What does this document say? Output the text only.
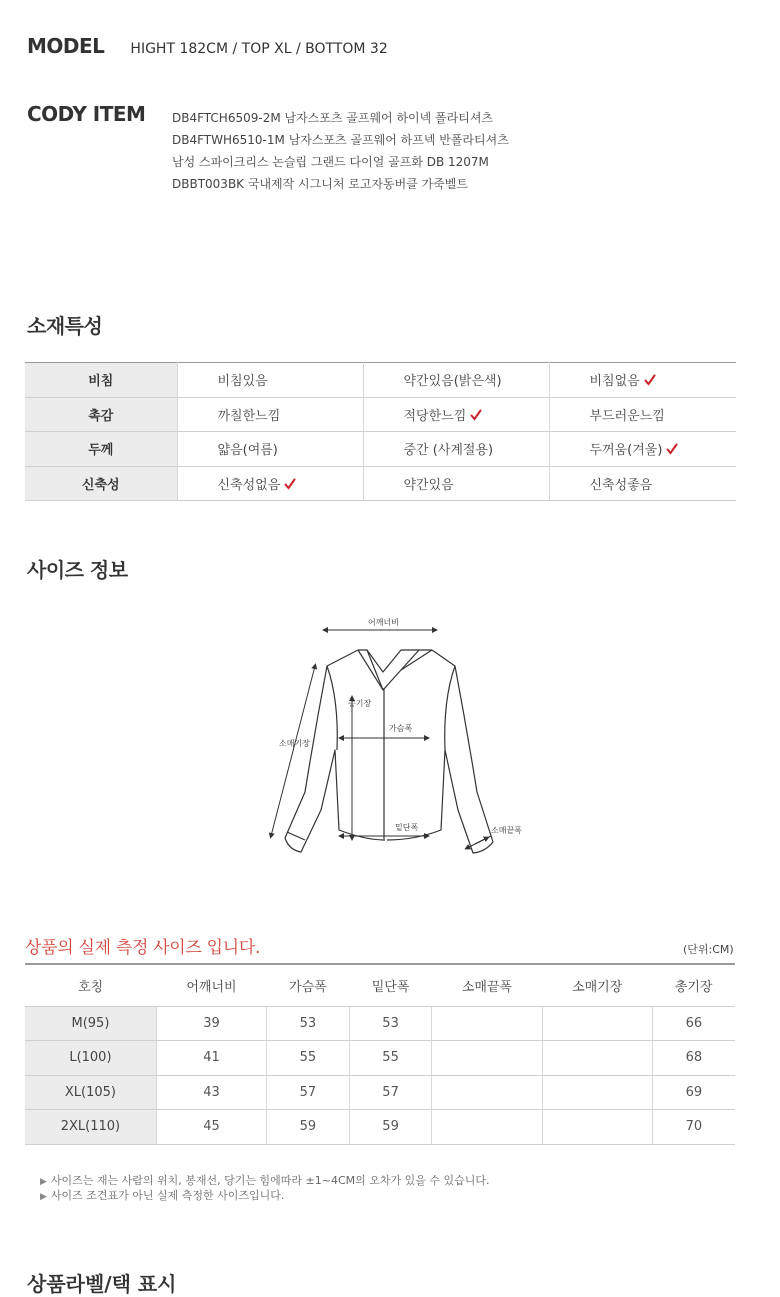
MODEL HIGHT 182CM / TOP XL / BOTTOM 32
CODY ITEM DB4FTCH6509-2M 남자스포츠 골프웨어 하이넥 폴라티셔츠
DB4FTWH6510-1M 남자스포츠 골프웨어 하프넥 반폴라티셔츠
남성 스파이크리스 논슬립 그랜드 다이얼 골프화 DB 1207M
DBBT003BK 국내제작 시그니처 로고자동버클 가죽벨트
소재특성
비침	비침있음	약간있음(밝은색)	비침없음
촉감	까칠한느낌	적당한느낌	부드러운느낌
두께	얇음(여름)	중간 (사계절용)	두꺼움(겨울)
신축성	신축성없음	약간있음	신축성좋음
사이즈 정보
어깨너비
총기장
가슴폭
소매기장
밑단폭	소매끝폭
상품의 실제 측정 사이즈 입니다.	(단위:CM)
호칭	어깨너비	가슴폭	밑단폭	소매끝폭	소매기장	총기장
M(95)	39	53	53			66
L(100)	41	55	55			68
XL(105)	43	57	57			69
2XL(110)	45	59	59			70
▶ 사이즈는 재는 사람의 위치, 봉재선, 당기는 힘에따라 ±1~4CM의 오차가 있을 수 있습니다.
▶ 사이즈 조견표가 아닌 실제 측정한 사이즈입니다.
상품라벨/택 표시
